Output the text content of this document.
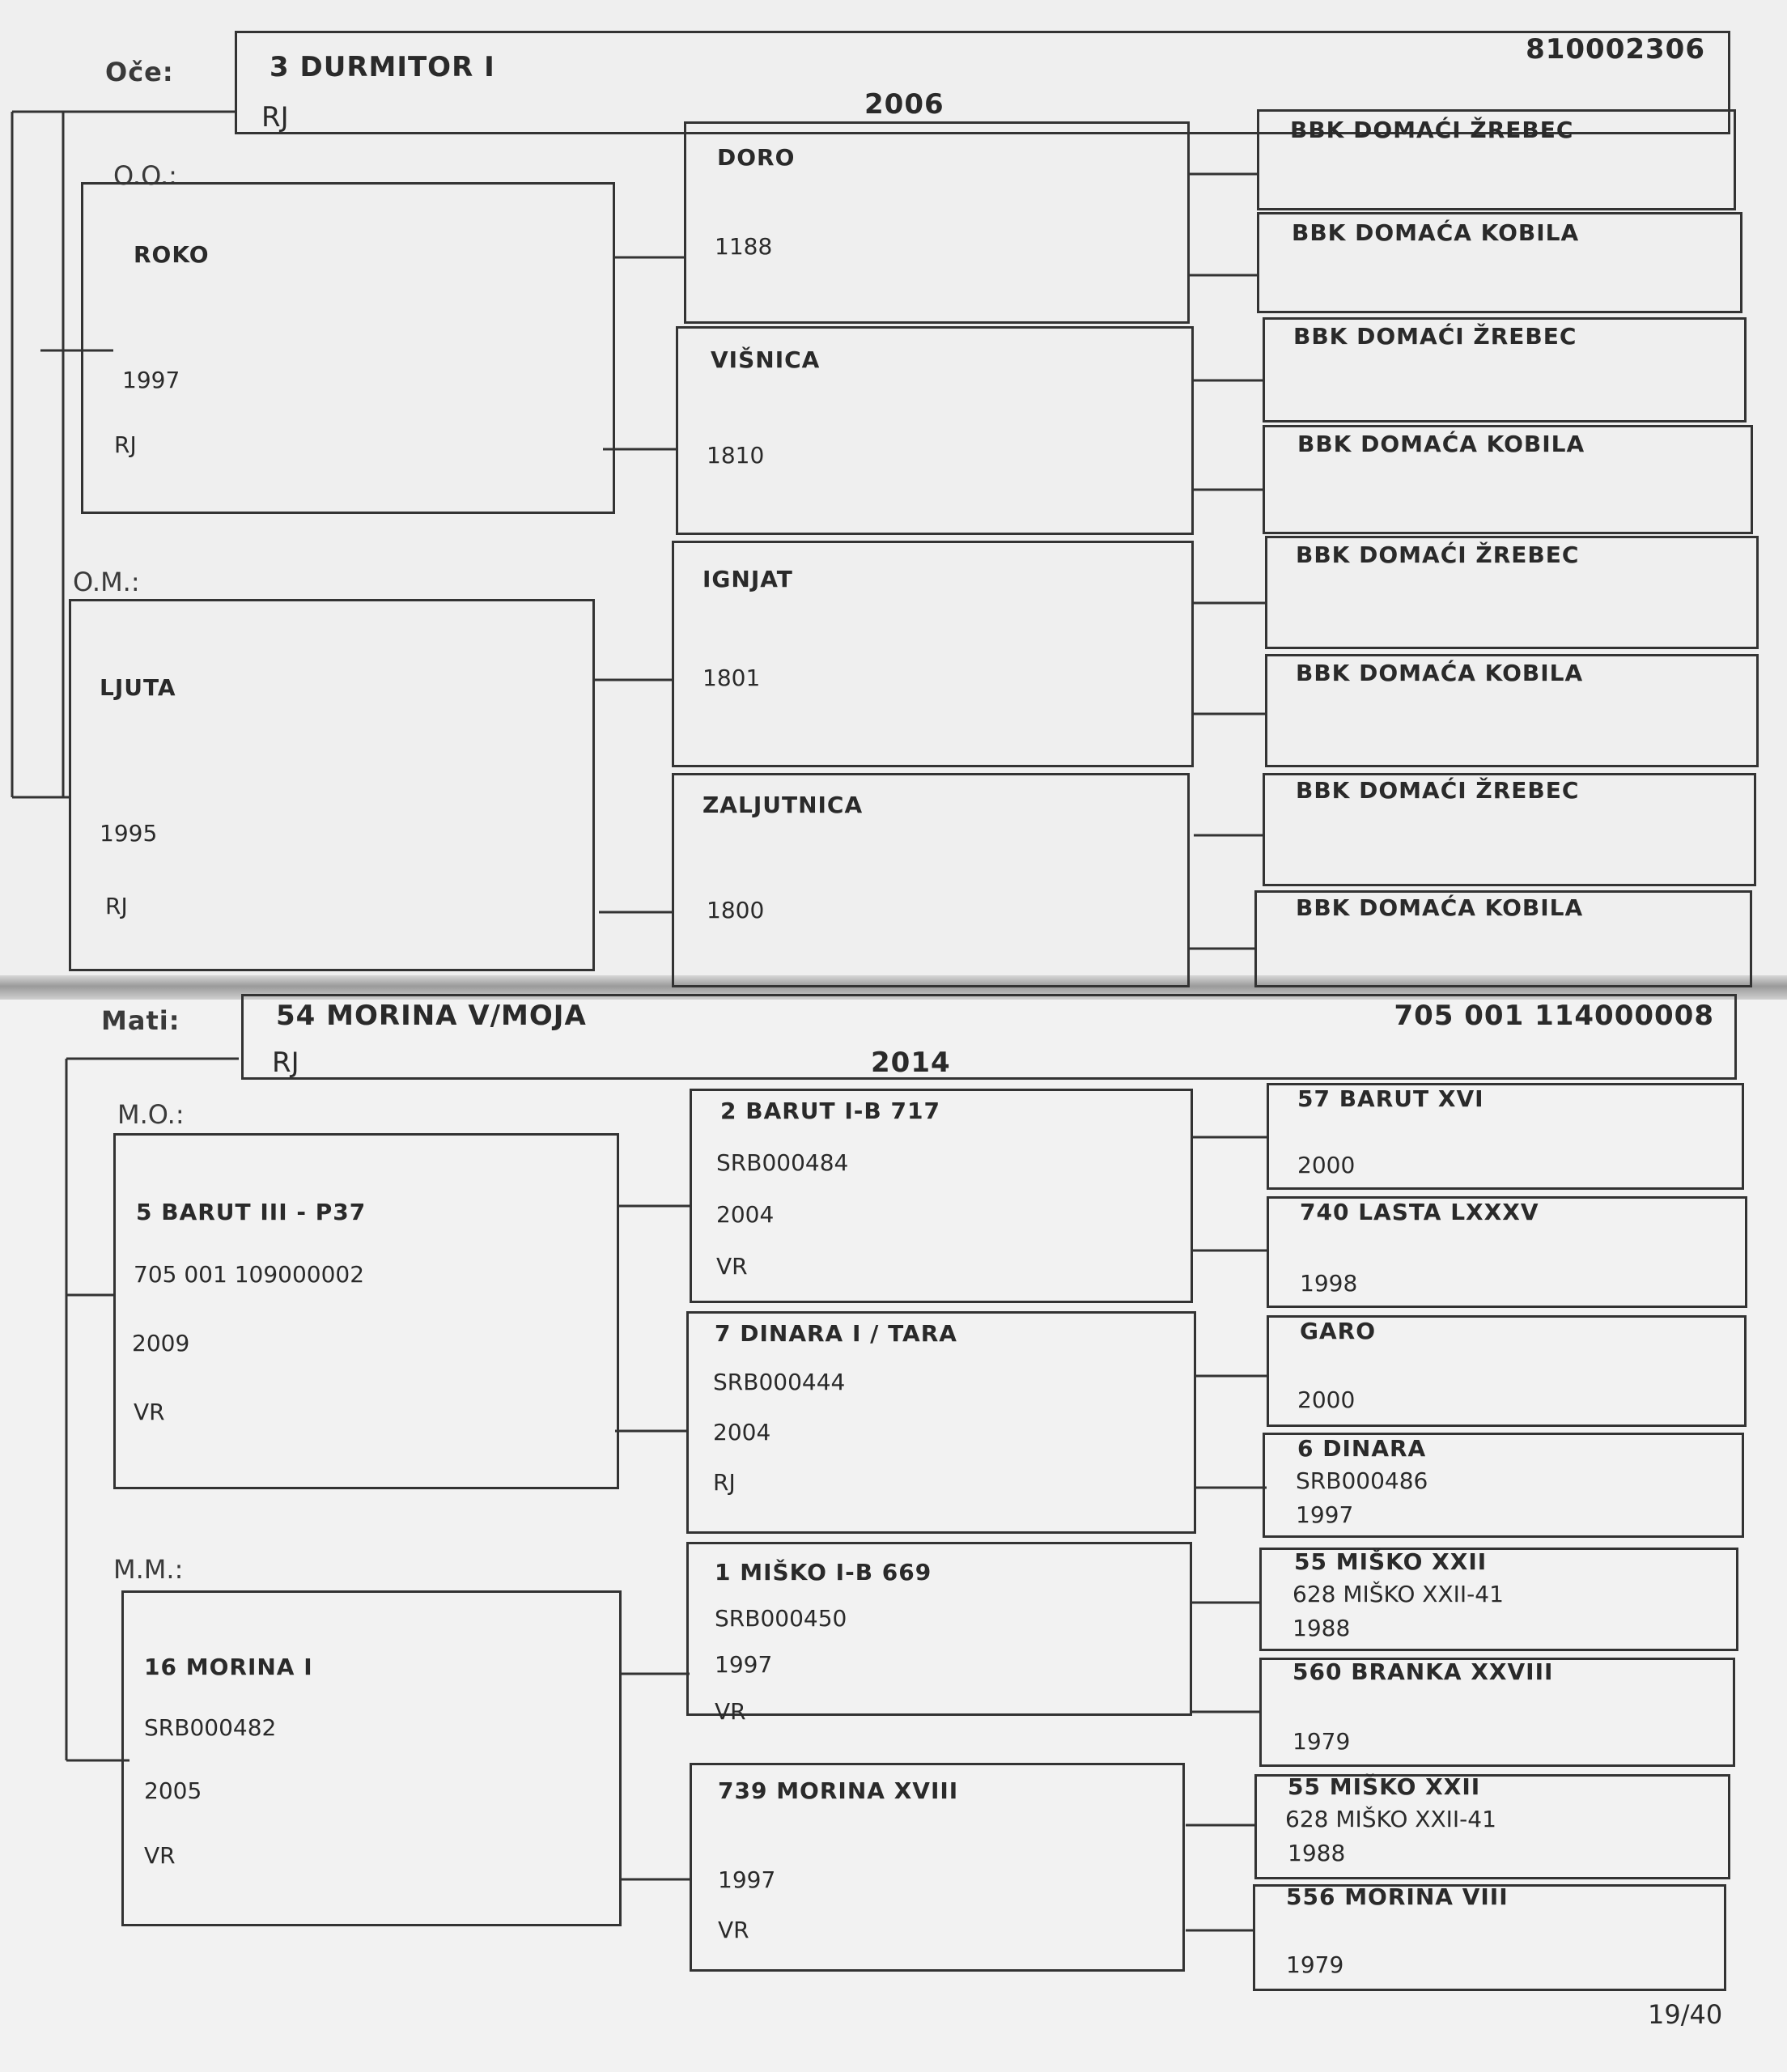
Oče:	3 DURMITOR I
810002306
RJ	2006
O.O.:
ROKO
1997
RJ
O.M.:
LJUTA
1995
RJ
DORO
1188
VIŠNICA
1810
IGNJAT
1801
ZALJUTNICA
1800
BBK DOMAĆI ŽREBEC
BBK DOMAĆA KOBILA
BBK DOMAĆI ŽREBEC
BBK DOMAĆA KOBILA
BBK DOMAĆI ŽREBEC
BBK DOMAĆA KOBILA
BBK DOMAĆI ŽREBEC
BBK DOMAĆA KOBILA
Mati:	54 MORINA V/MOJA	705 001 114000008
RJ	2014
M.O.:
5 BARUT III - P37
705 001 109000002
2009
VR
M.M.:
16 MORINA I
SRB000482
2005
VR
2 BARUT I-B 717
SRB000484
2004
VR
7 DINARA I / TARA
SRB000444
2004
RJ
1 MIŠKO I-B 669
SRB000450
1997
VR
739 MORINA XVIII
1997
VR
57 BARUT XVI
2000
740 LASTA LXXXV
1998
GARO
2000
6 DINARA
SRB000486
1997
55 MIŠKO XXII
628 MIŠKO XXII-41
1988
560 BRANKA XXVIII
1979
55 MIŠKO XXII
628 MIŠKO XXII-41
1988
556 MORINA VIII
1979
19/40
